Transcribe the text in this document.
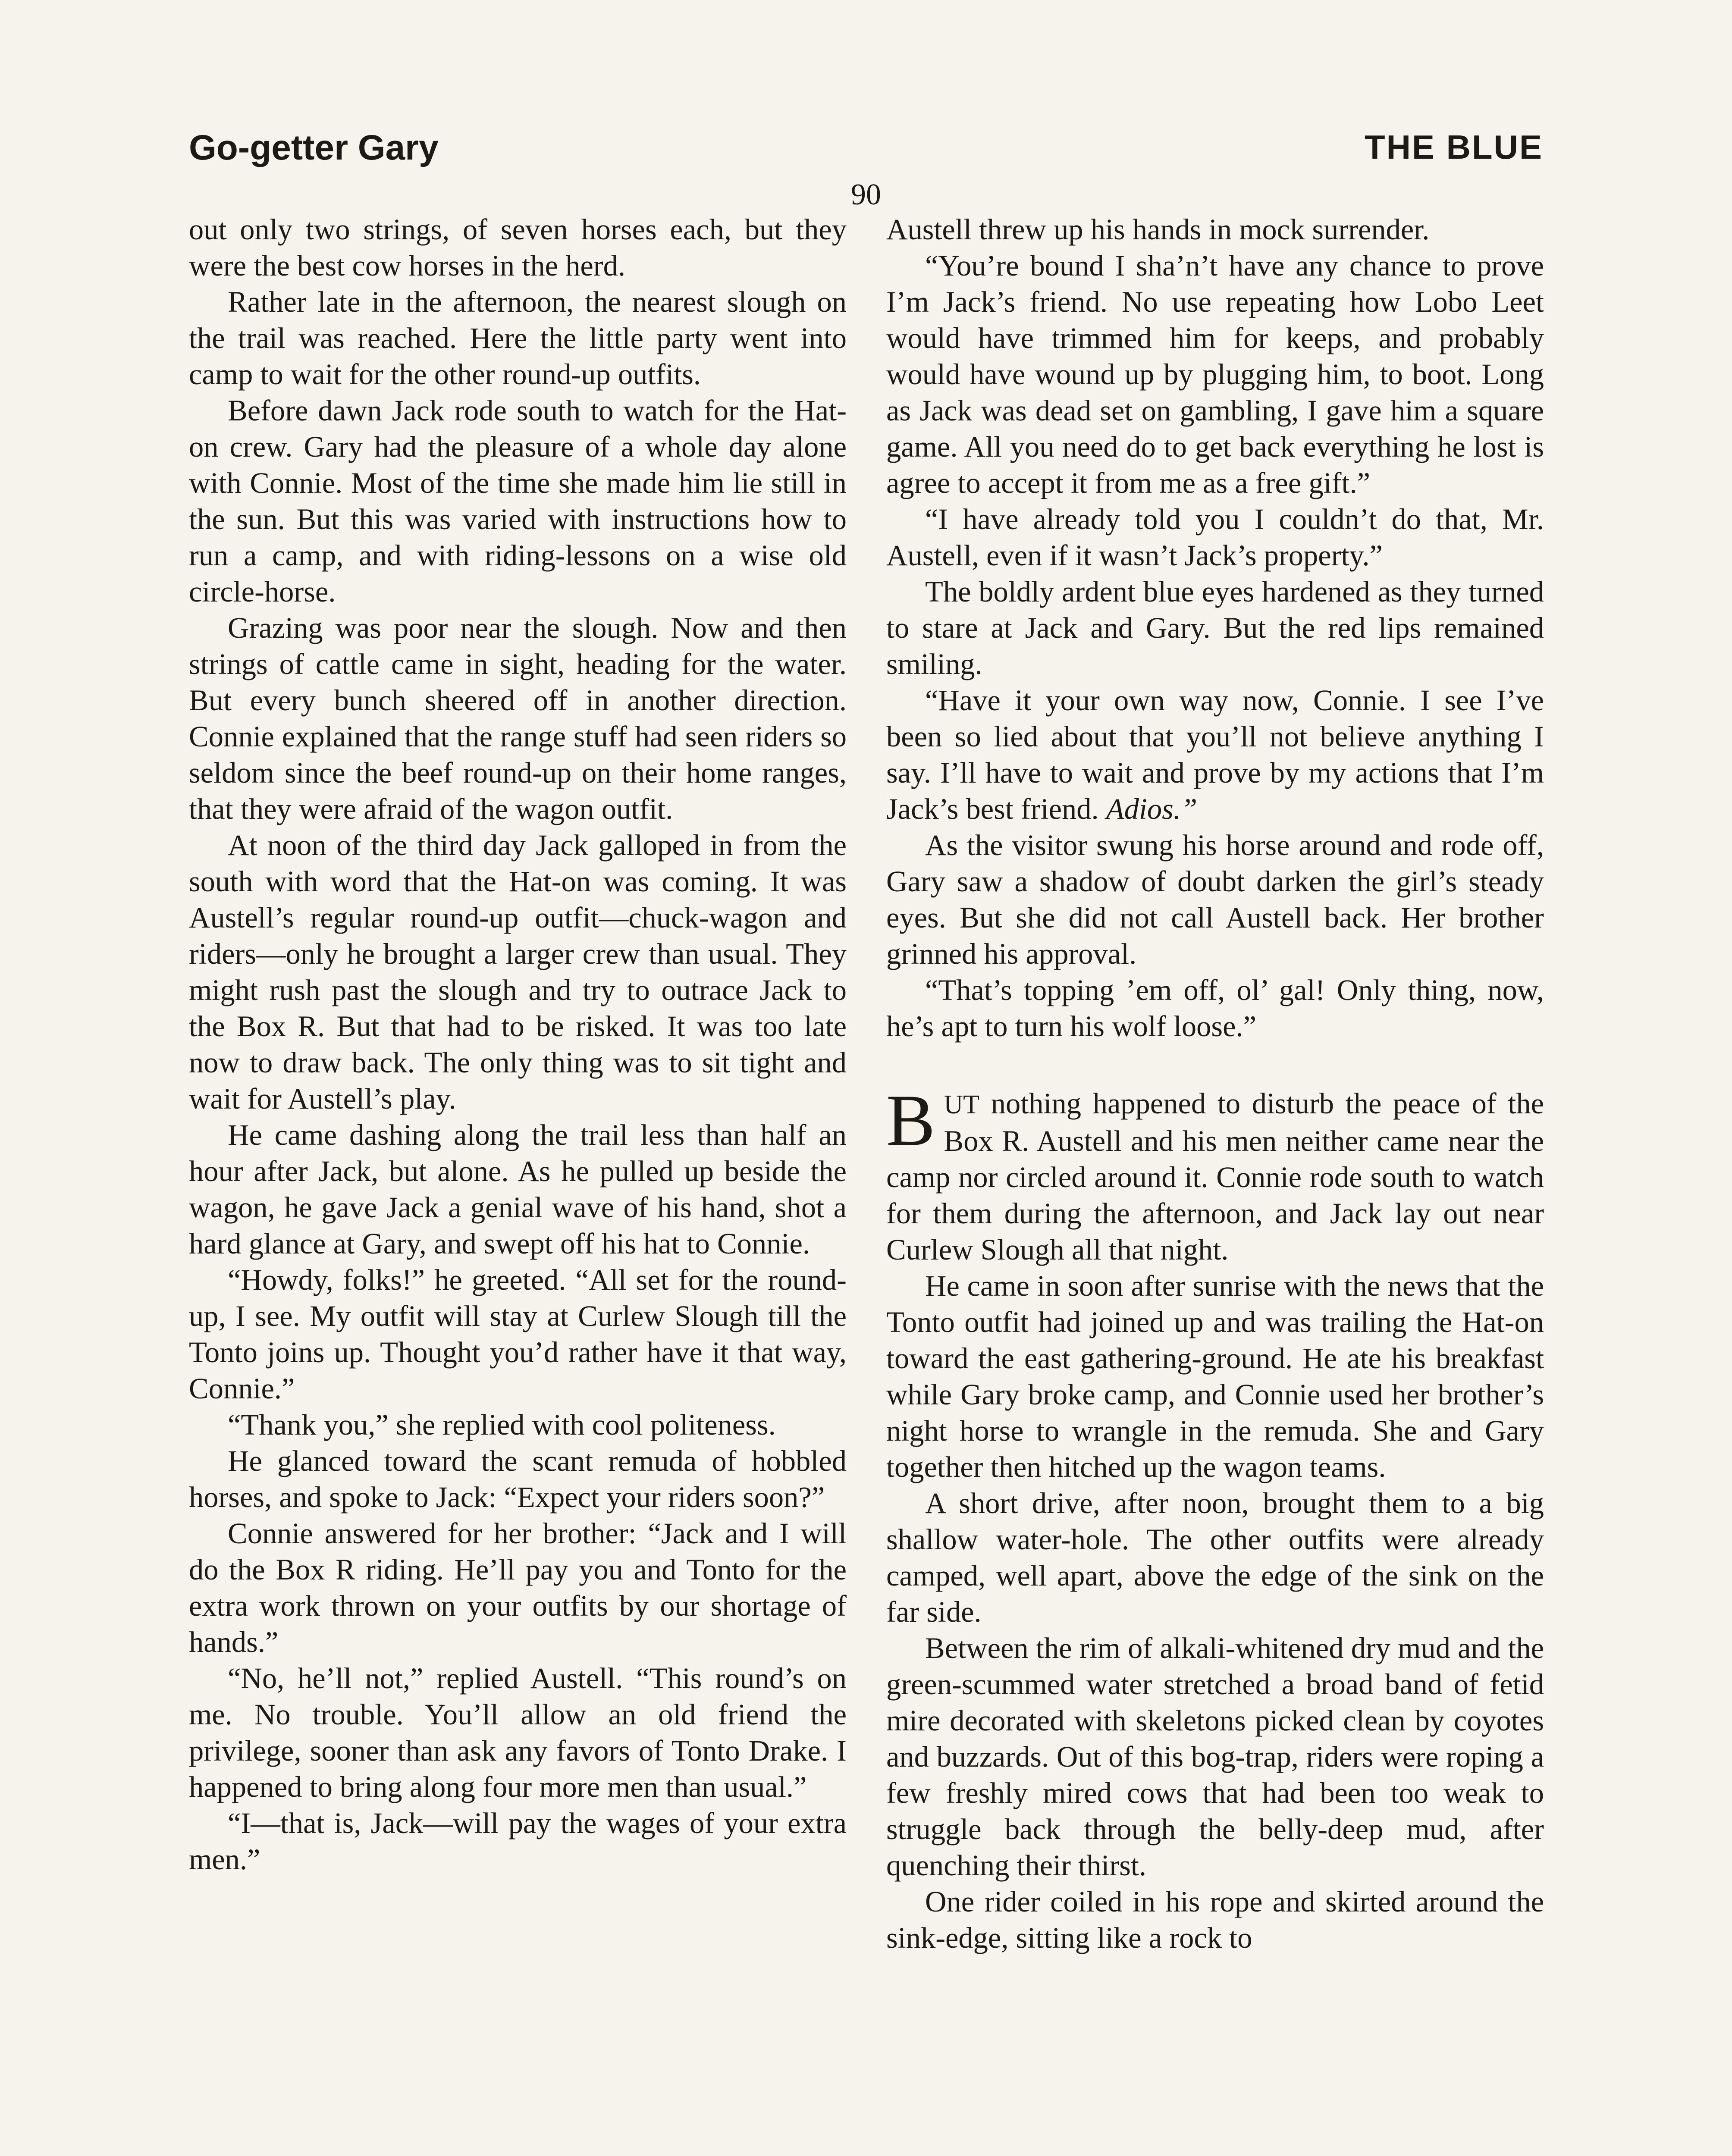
Go-getter Gary	THE BLUE
90

out only two strings, of seven horses each, but they were the best cow horses in the herd.

Rather late in the afternoon, the nearest slough on the trail was reached. Here the little party went into camp to wait for the other round-up outfits.

Before dawn Jack rode south to watch for the Hat-on crew. Gary had the pleasure of a whole day alone with Connie. Most of the time she made him lie still in the sun. But this was varied with instructions how to run a camp, and with riding-lessons on a wise old circle-horse.

Grazing was poor near the slough. Now and then strings of cattle came in sight, heading for the water. But every bunch sheered off in another direction. Connie explained that the range stuff had seen riders so seldom since the beef round-up on their home ranges, that they were afraid of the wagon outfit.

At noon of the third day Jack galloped in from the south with word that the Hat-on was coming. It was Austell’s regular round-up outfit—chuck-wagon and riders—only he brought a larger crew than usual. They might rush past the slough and try to outrace Jack to the Box R. But that had to be risked. It was too late now to draw back. The only thing was to sit tight and wait for Austell’s play.

He came dashing along the trail less than half an hour after Jack, but alone. As he pulled up beside the wagon, he gave Jack a genial wave of his hand, shot a hard glance at Gary, and swept off his hat to Connie.

“Howdy, folks!” he greeted. “All set for the round-up, I see. My outfit will stay at Curlew Slough till the Tonto joins up. Thought you’d rather have it that way, Connie.”

“Thank you,” she replied with cool politeness.

He glanced toward the scant remuda of hobbled horses, and spoke to Jack: “Expect your riders soon?”

Connie answered for her brother: “Jack and I will do the Box R riding. He’ll pay you and Tonto for the extra work thrown on your outfits by our shortage of hands.”

“No, he’ll not,” replied Austell. “This round’s on me. No trouble. You’ll allow an old friend the privilege, sooner than ask any favors of Tonto Drake. I happened to bring along four more men than usual.”

“I—that is, Jack—will pay the wages of your extra men.”

Austell threw up his hands in mock surrender.

“You’re bound I sha’n’t have any chance to prove I’m Jack’s friend. No use repeating how Lobo Leet would have trimmed him for keeps, and probably would have wound up by plugging him, to boot. Long as Jack was dead set on gambling, I gave him a square game. All you need do to get back everything he lost is agree to accept it from me as a free gift.”

“I have already told you I couldn’t do that, Mr. Austell, even if it wasn’t Jack’s property.”

The boldly ardent blue eyes hardened as they turned to stare at Jack and Gary. But the red lips remained smiling.

“Have it your own way now, Connie. I see I’ve been so lied about that you’ll not believe anything I say. I’ll have to wait and prove by my actions that I’m Jack’s best friend. Adios.”

As the visitor swung his horse around and rode off, Gary saw a shadow of doubt darken the girl’s steady eyes. But she did not call Austell back. Her brother grinned his approval.

“That’s topping ’em off, ol’ gal! Only thing, now, he’s apt to turn his wolf loose.”

BUT nothing happened to disturb the peace of the Box R. Austell and his men neither came near the camp nor circled around it. Connie rode south to watch for them during the afternoon, and Jack lay out near Curlew Slough all that night.

He came in soon after sunrise with the news that the Tonto outfit had joined up and was trailing the Hat-on toward the east gathering-ground. He ate his breakfast while Gary broke camp, and Connie used her brother’s night horse to wrangle in the remuda. She and Gary together then hitched up the wagon teams.

A short drive, after noon, brought them to a big shallow water-hole. The other outfits were already camped, well apart, above the edge of the sink on the far side.

Between the rim of alkali-whitened dry mud and the green-scummed water stretched a broad band of fetid mire decorated with skeletons picked clean by coyotes and buzzards. Out of this bog-trap, riders were roping a few freshly mired cows that had been too weak to struggle back through the belly-deep mud, after quenching their thirst.

One rider coiled in his rope and skirted around the sink-edge, sitting like a rock to
